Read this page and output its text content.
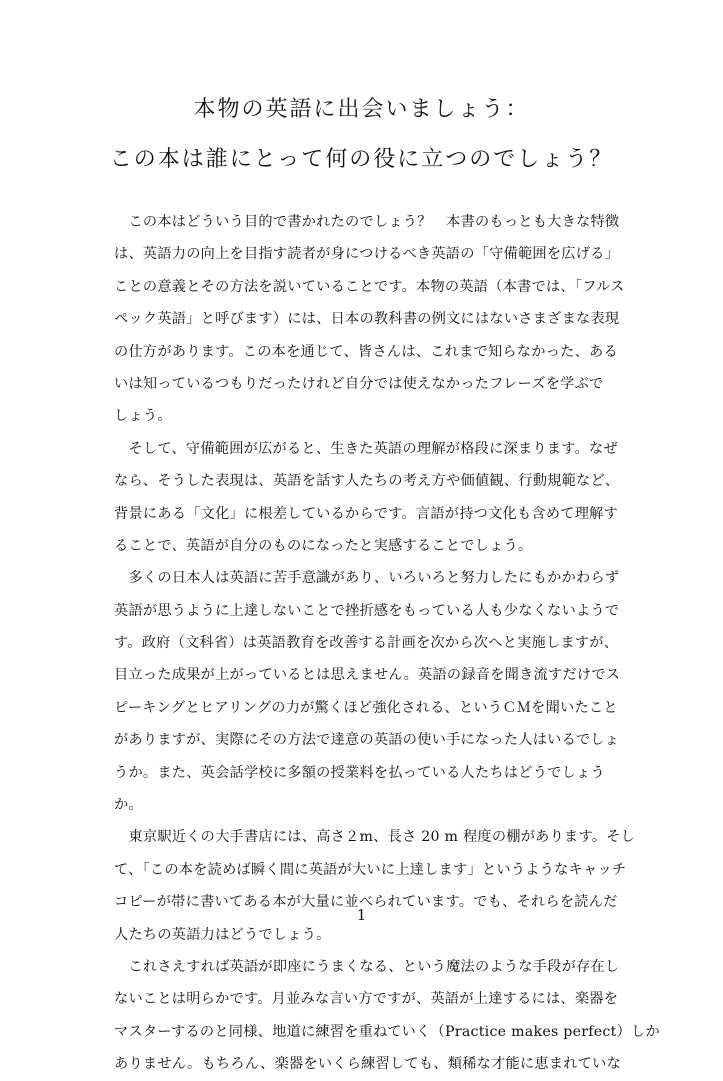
本物の英語に出会いましょう：
この本は誰にとって何の役に立つのでしょう？
　この本はどういう目的で書かれたのでしょう？　本書のもっとも大きな特徴
は、英語力の向上を目指す読者が身につけるべき英語の「守備範囲を広げる」
ことの意義とその方法を説いていることです。本物の英語（本書では、「フルス
ペック英語」と呼びます）には、日本の教科書の例文にはないさまざまな表現
の仕方があります。この本を通じて、皆さんは、これまで知らなかった、ある
いは知っているつもりだったけれど自分では使えなかったフレーズを学ぶで
しょう。
　そして、守備範囲が広がると、生きた英語の理解が格段に深まります。なぜ
なら、そうした表現は、英語を話す人たちの考え方や価値観、行動規範など、
背景にある「文化」に根差しているからです。言語が持つ文化も含めて理解す
ることで、英語が自分のものになったと実感することでしょう。
　多くの日本人は英語に苦手意識があり、いろいろと努力したにもかかわらず
英語が思うように上達しないことで挫折感をもっている人も少なくないようで
す。政府（文科省）は英語教育を改善する計画を次から次へと実施しますが、
目立った成果が上がっているとは思えません。英語の録音を聞き流すだけでス
ピーキングとヒアリングの力が驚くほど強化される、というＣＭを聞いたこと
がありますが、実際にその方法で達意の英語の使い手になった人はいるでしょ
うか。また、英会話学校に多額の授業料を払っている人たちはどうでしょう
か。
　東京駅近くの大手書店には、高さ２m、長さ 20 m 程度の棚があります。そし
て、「この本を読めば瞬く間に英語が大いに上達します」というようなキャッチ
コピーが帯に書いてある本が大量に並べられています。でも、それらを読んだ
人たちの英語力はどうでしょう。
　これさえすれば英語が即座にうまくなる、という魔法のような手段が存在し
ないことは明らかです。月並みな言い方ですが、英語が上達するには、楽器を
マスターするのと同様、地道に練習を重ねていく（Practice makes perfect）しか
ありません。もちろん、楽器をいくら練習しても、類稀な才能に恵まれていな
1
